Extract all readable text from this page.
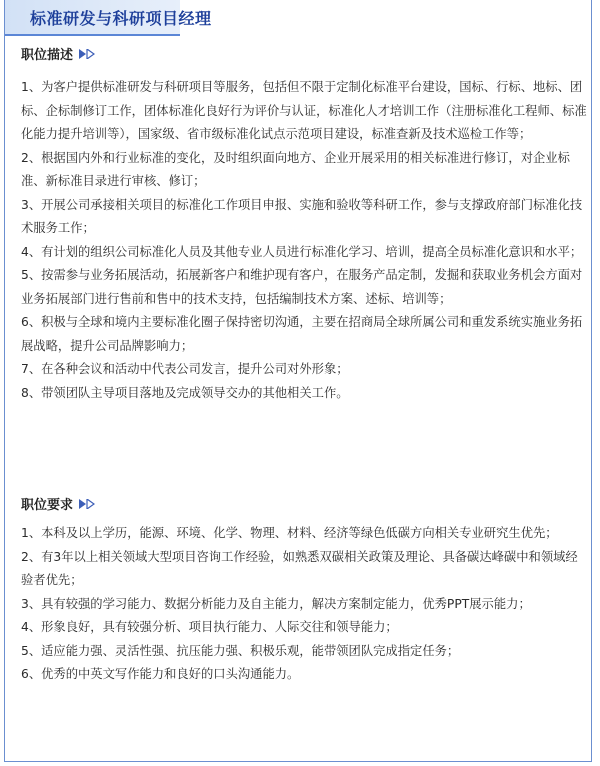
标准研发与科研项目经理
职位描述

1、为客户提供标准研发与科研项目等服务，包括但不限于定制化标准平台建设，国标、行标、地标、团标、企标制修订工作，团体标准化良好行为评价与认证，标准化人才培训工作（注册标准化工程师、标准化能力提升培训等），国家级、省市级标准化试点示范项目建设，标准查新及技术巡检工作等；

2、根据国内外和行业标准的变化，及时组织面向地方、企业开展采用的相关标准进行修订，对企业标准、新标准目录进行审核、修订；

3、开展公司承接相关项目的标准化工作项目申报、实施和验收等科研工作，参与支撑政府部门标准化技术服务工作；

4、有计划的组织公司标准化人员及其他专业人员进行标准化学习、培训，提高全员标准化意识和水平；

5、按需参与业务拓展活动，拓展新客户和维护现有客户，在服务产品定制，发掘和获取业务机会方面对业务拓展部门进行售前和售中的技术支持，包括编制技术方案、述标、培训等；

6、积极与全球和境内主要标准化圈子保持密切沟通，主要在招商局全球所属公司和重发系统实施业务拓展战略，提升公司品牌影响力；

7、在各种会议和活动中代表公司发言，提升公司对外形象；

8、带领团队主导项目落地及完成领导交办的其他相关工作。

职位要求

1、本科及以上学历，能源、环境、化学、物理、材料、经济等绿色低碳方向相关专业研究生优先；

2、有3年以上相关领域大型项目咨询工作经验，如熟悉双碳相关政策及理论、具备碳达峰碳中和领域经验者优先；

3、具有较强的学习能力、数据分析能力及自主能力，解决方案制定能力，优秀PPT展示能力；

4、形象良好，具有较强分析、项目执行能力、人际交往和领导能力；

5、适应能力强、灵活性强、抗压能力强、积极乐观，能带领团队完成指定任务；

6、优秀的中英文写作能力和良好的口头沟通能力。
